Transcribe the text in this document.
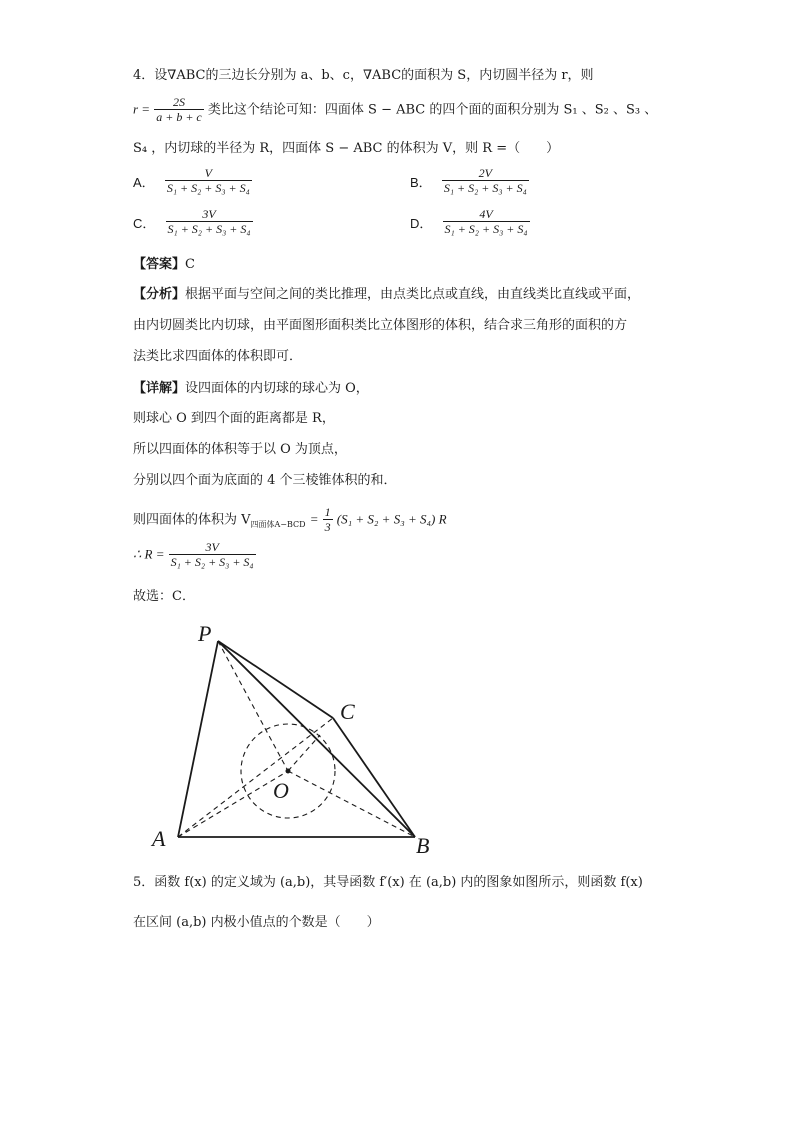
4．设∇ABC的三边长分别为 a、b、c，∇ABC的面积为 S，内切圆半径为 r，则
$r = \frac{2S}{a + b + c}$ 类比这个结论可知：四面体 S − ABC 的四个面的面积分别为 S₁ 、S₂ 、S₃ 、
S₄ ，内切球的半径为 R，四面体 S − ABC 的体积为 V，则 R =（　　）
A． $\frac{V}{\text{S₁ + S₂ + S₃ + S₄}}$	B． $\frac{2V}{\text{S₁ + S₂ + S₃ + S₄}}$
C． $\frac{3V}{\text{S₁ + S₂ + S₃ + S₄}}$	D． $\frac{4V}{\text{S₁ + S₂ + S₃ + S₄}}$
【答案】C
【分析】根据平面与空间之间的类比推理，由点类比点或直线，由直线类比直线或平面，
由内切圆类比内切球，由平面图形面积类比立体图形的体积，结合求三角形的面积的方
法类比求四面体的体积即可．
【详解】设四面体的内切球的球心为 O，
则球心 O 到四个面的距离都是 R，
所以四面体的体积等于以 O 为顶点，
分别以四个面为底面的 4 个三棱锥体积的和．
则四面体的体积为 $V_{四面体A-BCD} = \frac{1}{3} (S_1 + S_2 + S_3 + S_4)$ R
∴ $R = \frac{3V}{\text{S₁ + S₂ + S₃ + S₄}}$
故选：C．
P
C
O
A	B
5．函数 f(x) 的定义域为 (a,b)，其导函数 f′(x) 在 (a,b) 内的图象如图所示，则函数 f(x)
在区间 (a,b) 内极小值点的个数是（　　）
